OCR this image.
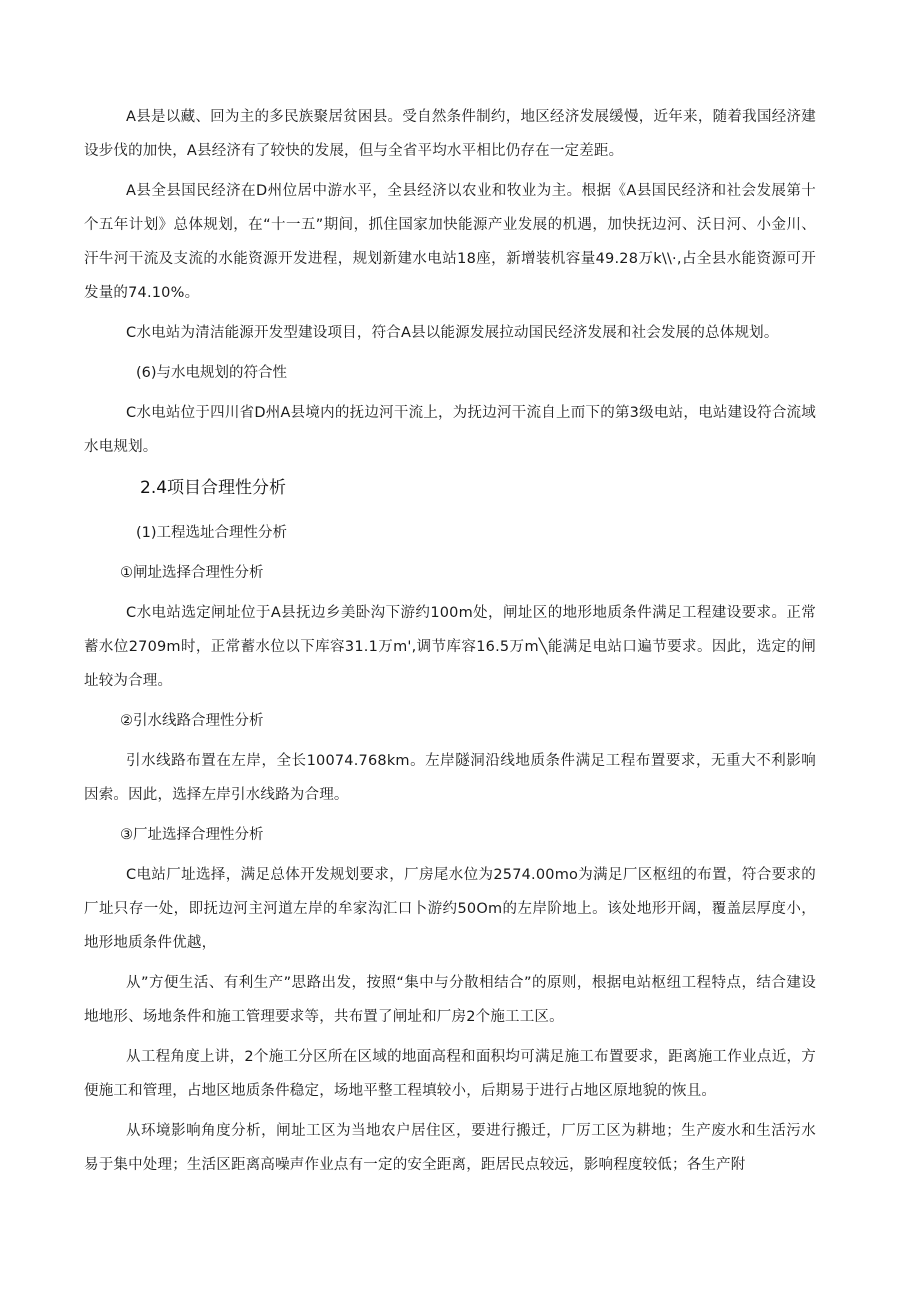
A县是以藏、回为主的多民族聚居贫困县。受自然条件制约，地区经济发展缓慢，近年来，随着我国经济建设步伐的加快，A县经济有了较快的发展，但与全省平均水平相比仍存在一定差距。

A县全县国民经济在D州位居中游水平，全县经济以农业和牧业为主。根据《A县国民经济和社会发展第十个五年计划》总体规划，在“十一五”期间，抓住国家加快能源产业发展的机遇，加快抚边河、沃日河、小金川、汗牛河干流及支流的水能资源开发进程，规划新建水电站18座，新增装机容量49.28万k\\·,占全县水能资源可开发量的74.10%。

C水电站为清洁能源开发型建设项目，符合A县以能源发展拉动国民经济发展和社会发展的总体规划。

(6)与水电规划的符合性

C水电站位于四川省D州A县境内的抚边河干流上，为抚边河干流自上而下的第3级电站，电站建设符合流域水电规划。

2.4项目合理性分析

(1)工程选址合理性分析

①闸址选择合理性分析

C水电站选定闸址位于A县抚边乡美卧沟下游约100m处，闸址区的地形地质条件满足工程建设要求。正常蓄水位2709m时，正常蓄水位以下库容31.1万m',调节库容16.5万m╲能满足电站口遍节要求。因此，选定的闸址较为合理。

②引水线路合理性分析

引水线路布置在左岸，全长10074.768km。左岸隧洞沿线地质条件满足工程布置要求，无重大不利影响因索。因此，选择左岸引水线路为合理。

③厂址选择合理性分析

C电站厂址选择，满足总体开发规划要求，厂房尾水位为2574.00mo为满足厂区枢纽的布置，符合要求的厂址只存一处，即抚边河主河道左岸的牟家沟汇口卜游约50Om的左岸阶地上。该处地形开阔，覆盖层厚度小，地形地质条件优越，

从”方便生活、有利生产”思路出发，按照“集中与分散相结合”的原则，根据电站枢纽工程特点，结合建设地地形、场地条件和施工管理要求等，共布置了闸址和厂房2个施工工区。

从工程角度上讲，2个施工分区所在区域的地面高程和面积均可满足施工布置要求，距离施工作业点近，方便施工和管理，占地区地质条件稳定，场地平整工程填较小，后期易于进行占地区原地貌的恢且。

从环境影响角度分析，闸址工区为当地农户居住区，要进行搬迁，厂厉工区为耕地；生产废水和生活污水易于集中处理；生活区距离高噪声作业点有一定的安全距离，距居民点较远，影响程度较低；各生产附
